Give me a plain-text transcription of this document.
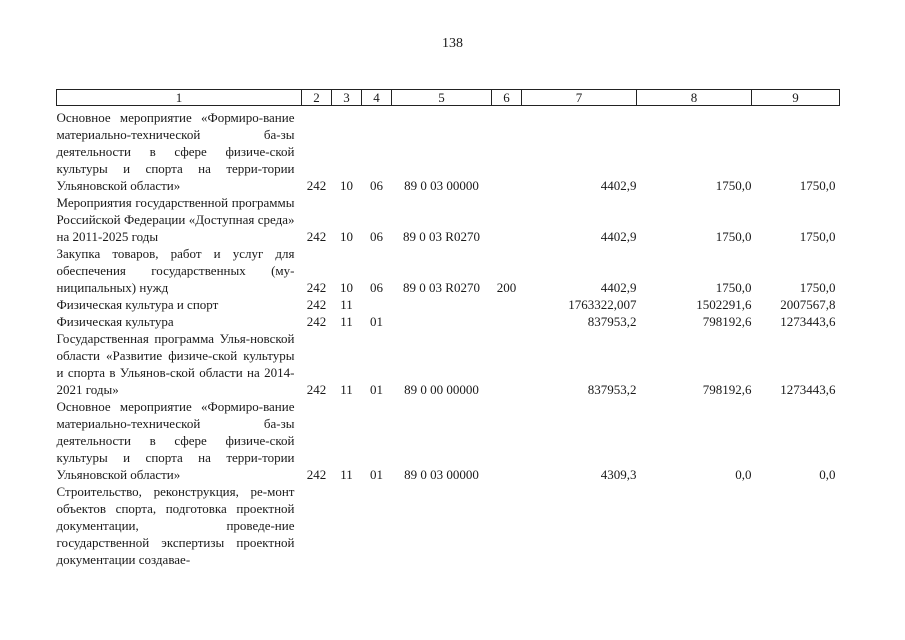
138
1	2	3	4	5	6	7	8	9

Основное мероприятие «Формиро-вание материально-технической ба-зы деятельности в сфере физиче-ской культуры и спорта на терри-тории Ульяновской области»	242	10	06	89 0 03 00000		4402,9	1750,0	1750,0

Мероприятия государственной программы Российской Федерации «Доступная среда» на 2011-2025 годы	242	10	06	89 0 03 R0270		4402,9	1750,0	1750,0

Закупка товаров, работ и услуг для обеспечения государственных (му-ниципальных) нужд	242	10	06	89 0 03 R0270	200	4402,9	1750,0	1750,0

Физическая культура и спорт	242	11				1763322,007	1502291,6	2007567,8

Физическая культура	242	11	01			837953,2	798192,6	1273443,6

Государственная программа Улья-новской области «Развитие физиче-ской культуры и спорта в Ульянов-ской области на 2014-2021 годы»	242	11	01	89 0 00 00000		837953,2	798192,6	1273443,6

Основное мероприятие «Формиро-вание материально-технической ба-зы деятельности в сфере физиче-ской культуры и спорта на терри-тории Ульяновской области»	242	11	01	89 0 03 00000		4309,3	0,0	0,0

Строительство, реконструкция, ре-монт объектов спорта, подготовка проектной документации, проведе-ние государственной экспертизы проектной документации создавае-								
